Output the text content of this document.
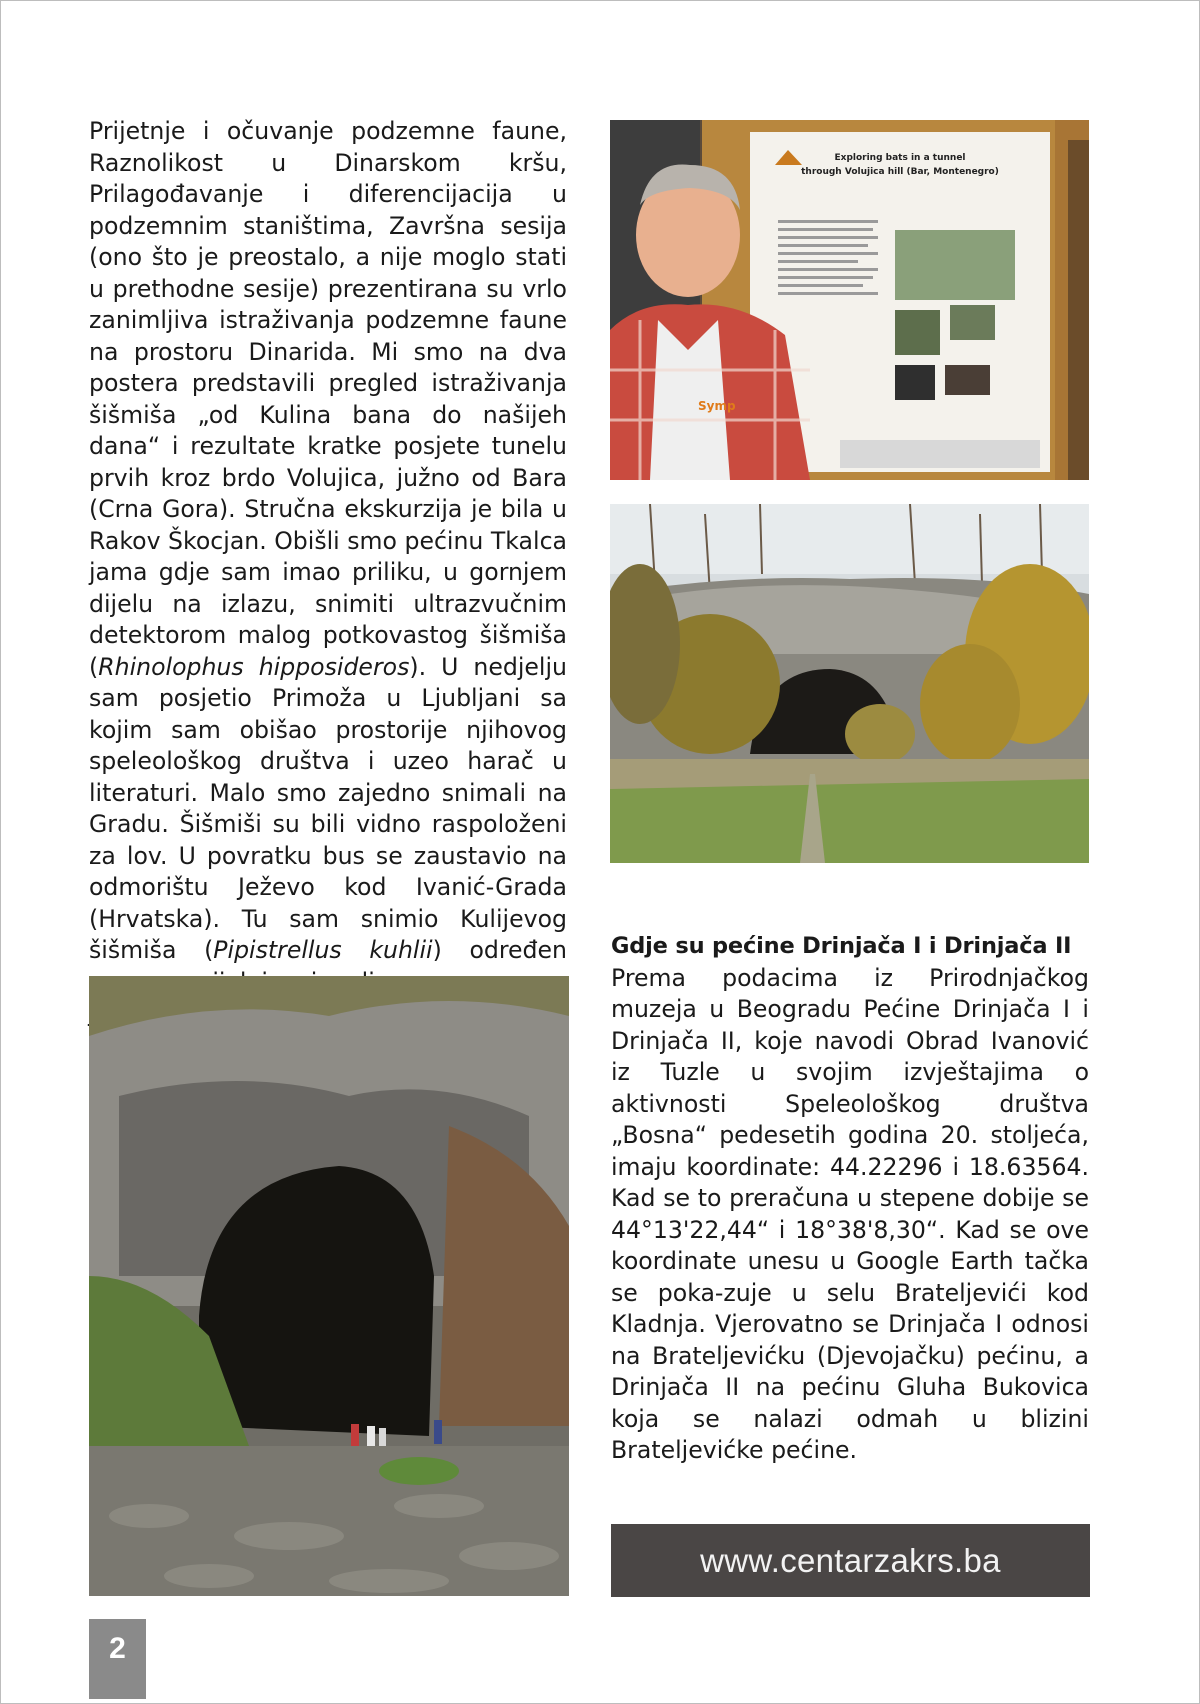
Prijetnje i očuvanje podzemne faune, Raznolikost u Dinarskom kršu, Prilagođavanje i diferencijacija u podzemnim staništima, Završna sesija (ono što je preostalo, a nije moglo stati u prethodne sesije) prezentirana su vrlo zanimljiva istraživanja podzemne faune na prostoru Dinarida. Mi smo na dva postera predstavili pregled istraživanja šišmiša „od Kulina bana do našijeh dana“ i rezultate kratke posjete tunelu prvih kroz brdo Volujica, južno od Bara (Crna Gora). Stručna ekskurzija je bila u Rakov Škocjan. Obišli smo pećinu Tkalca jama gdje sam imao priliku, u gornjem dijelu na izlazu, snimiti ultrazvučnim detektorom malog potkovastog šišmiša (Rhinolophus hipposideros). U nedjelju sam posjetio Primoža u Ljubljani sa kojim sam obišao prostorije njihovog speleološkog društva i uzeo harač u literaturi. Malo smo zajedno snimali na Gradu. Šišmiši su bili vidno raspoloženi za lov. U povratku bus se zaustavio na odmorištu Ježevo kod Ivanić-Grada (Hrvatska). Tu sam snimio Kulijevog šišmiša (Pipistrellus kuhlii) određen

Exploring bats in a tunnel
through Volujica hill (Bar, Montenegro)
Symp

Gdje su pećine Drinjača I i Drinjača II

Prema podacima iz Prirodnjačkog muzeja u Beogradu Pećine Drinjača I i Drinjača II, koje navodi Obrad Ivanović iz Tuzle u svojim izvještajima o aktivnosti Speleološkog društva „Bosna“ pedesetih godina 20. stoljeća, imaju koordinate: 44.22296 i 18.63564. Kad se to preračuna u stepene dobije se 44°13'22,44“ i 18°38'8,30“. Kad se ove koordinate unesu u Google Earth tačka se poka-zuje u selu Brateljevići kod Kladnja. Vjerovatno se Drinjača I odnosi na Brateljevićku (Djevojačku) pećinu, a Drinjača II na pećinu Gluha Bukovica koja se nalazi odmah u blizini Brateljevićke pećine.

www.centarzakrs.ba
2
